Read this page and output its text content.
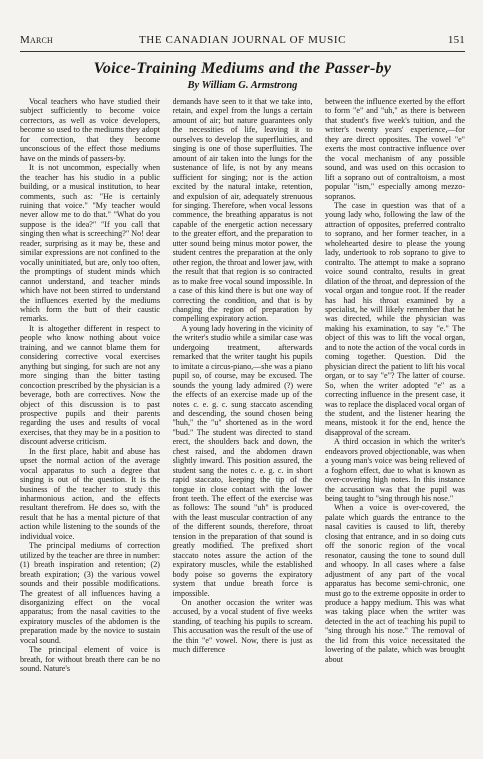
March	THE CANADIAN JOURNAL OF MUSIC	151
Voice-Training Mediums and the Passer-by
By William G. Armstrong

Vocal teachers who have studied their subject sufficiently to become voice correctors, as well as voice developers, become so used to the mediums they adopt for correction, that they become unconscious of the effect those mediums have on the minds of passers-by.

It is not uncommon, especially when the teacher has his studio in a public building, or a musical institution, to hear comments, such as: "He is certainly ruining that voice." "My teacher would never allow me to do that." "What do you suppose is the idea?" "If you call that singing then what is screeching?" No! dear reader, surprising as it may be, these and similar expressions are not confined to the vocally uninitiated, but are, only too often, the promptings of student minds which cannot understand, and teacher minds which have not been stirred to understand the influences exerted by the mediums which form the butt of their caustic remarks.

It is altogether different in respect to people who know nothing about voice training, and we cannot blame them for considering corrective vocal exercises anything but singing, for such are not any more singing than the bitter tasting concoction prescribed by the physician is a beverage, both are correctives. Now the object of this discussion is to past prospective pupils and their parents regarding the uses and results of vocal exercises, that they may be in a position to discount adverse criticism.

In the first place, habit and abuse has upset the normal action of the average vocal apparatus to such a degree that singing is out of the question. It is the business of the teacher to study this inharmonious action, and the effects resultant therefrom. He does so, with the result that he has a mental picture of that action while listening to the sounds of the individual voice.

The principal mediums of correction utilized by the teacher are three in number: (1) breath inspiration and retention; (2) breath expiration; (3) the various vowel sounds and their possible modifications. The greatest of all influences having a disorganizing effect on the vocal apparatus; from the nasal cavities to the expiratory muscles of the abdomen is the preparation made by the novice to sustain vocal sound.

The principal element of voice is breath, for without breath there can be no sound. Nature's

demands have seen to it that we take into, retain, and expel from the lungs a certain amount of air; but nature guarantees only the necessities of life, leaving it to ourselves to develop the superfluities, and singing is one of those superfluities. The amount of air taken into the lungs for the sustenance of life, is not by any means sufficient for singing; nor is the action excited by the natural intake, retention, and expulsion of air, adequately strenuous for singing. Therefore, when vocal lessons commence, the breathing apparatus is not capable of the energetic action necessary to the greater effort, and the preparation to utter sound being minus motor power, the student centres the preparation at the only other region, the throat and lower jaw, with the result that that region is so contracted as to make free vocal sound impossible. In a case of this kind there is but one way of correcting the condition, and that is by changing the region of preparation by compelling expiratory action.

A young lady hovering in the vicinity of the writer's studio while a similar case was undergoing treatment, afterwards remarked that the writer taught his pupils to imitate a circus-piano,—she was a piano pupil so, of course, may be excused. The sounds the young lady admired (?) were the effects of an exercise made up of the notes c. e. g. c. sung staccato ascending and descending, the sound chosen being "huh," the "u" shortened as in the word "bud." The student was directed to stand erect, the shoulders back and down, the chest raised, and the abdomen drawn slightly inward. This position assured, the student sang the notes c. e. g. c. in short rapid staccato, keeping the tip of the tongue in close contact with the lower front teeth. The effect of the exercise was as follows: The sound "uh" is produced with the least muscular contraction of any of the different sounds, therefore, throat tension in the preparation of that sound is greatly modified. The prefixed short staccato notes assure the action of the expiratory muscles, while the established body poise so governs the expiratory system that undue breath force is impossible.

On another occasion the writer was accused, by a vocal student of five weeks standing, of teaching his pupils to scream. This accusation was the result of the use of the thin "e" vowel. Now, there is just as much difference

between the influence exerted by the effort to form "e" and "uh," as there is between that student's five week's tuition, and the writer's twenty years' experience,—for they are direct opposites. The vowel "e" exerts the most contractive influence over the vocal mechanism of any possible sound, and was used on this occasion to lift a soprano out of contraltoism, a most popular "ism," especially among mezzo-sopranos.

The case in question was that of a young lady who, following the law of the attraction of opposites, preferred contralto to soprano, and her former teacher, in a wholehearted desire to please the young lady, undertook to rob soprano to give to contralto. The attempt to make a soprano voice sound contralto, results in great dilation of the throat, and depression of the vocal organ and tongue root. If the reader has had his throat examined by a specialist, he will likely remember that he was directed, while the physician was making his examination, to say "e." The object of this was to lift the vocal organ, and to note the action of the vocal cords in coming together. Question. Did the physician direct the patient to lift his vocal organ, or to say "e"? The latter of course. So, when the writer adopted "e" as a correcting influence in the present case, it was to replace the displaced vocal organ of the student, and the listener hearing the means, mistook it for the end, hence the disapproval of the scream.

A third occasion in which the writer's endeavors proved objectionable, was when a young man's voice was being relieved of a foghorn effect, due to what is known as over-covering high notes. In this instance the accusation was that the pupil was being taught to "sing through his nose."

When a voice is over-covered, the palate which guards the entrance to the nasal cavities is caused to lift, thereby closing that entrance, and in so doing cuts off the sonoric region of the vocal resonator, causing the tone to sound dull and whoopy. In all cases where a false adjustment of any part of the vocal apparatus has become semi-chronic, one must go to the extreme opposite in order to produce a happy medium. This was what was taking place when the writer was detected in the act of teaching his pupil to "sing through his nose." The removal of the lid from this voice necessitated the lowering of the palate, which was brought about
